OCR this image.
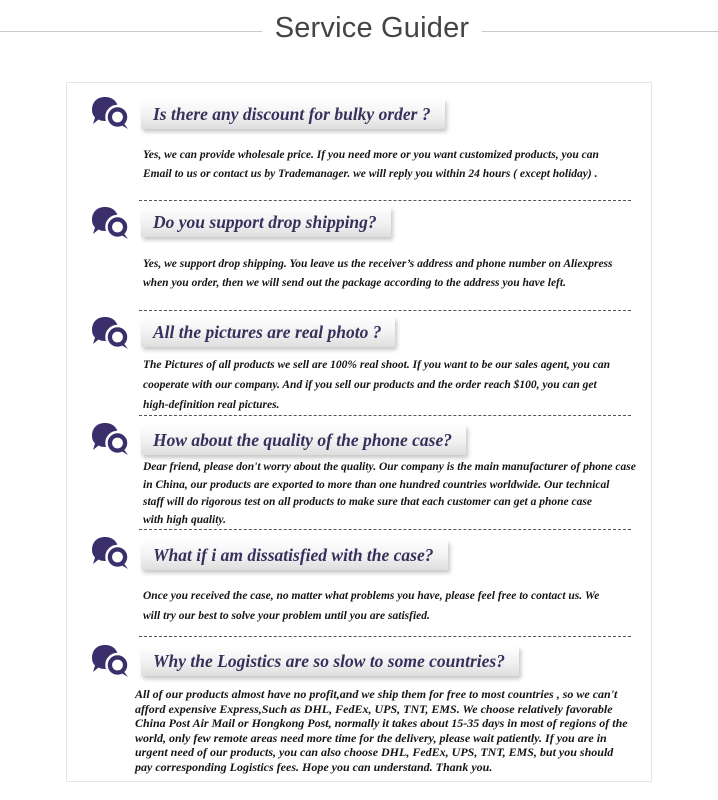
Service Guider
Is there any discount for bulky order ?
Yes, we can provide wholesale price. If you need more or you want customized products, you can
Email to us or contact us by Trademanager. we will reply you within 24 hours ( except holiday) .
Do you support drop shipping?
Yes, we support drop shipping. You leave us the receiver’s address and phone number on Aliexpress
when you order, then we will send out the package according to the address you have left.
All the pictures are real photo ?
The Pictures of all products we sell are 100% real shoot. If you want to be our sales agent, you can
cooperate with our company. And if you sell our products and the order reach $100, you can get
high-definition real pictures.
How about the quality of the phone case?
Dear friend, please don't worry about the quality. Our company is the main manufacturer of phone case
in China, our products are exported to more than one hundred countries worldwide. Our technical
staff will do rigorous test on all products to make sure that each customer can get a phone case
with high quality.
What if i am dissatisfied with the case?
Once you received the case, no matter what problems you have, please feel free to contact us. We
will try our best to solve your problem until you are satisfied.
Why the Logistics are so slow to some countries?
All of our products almost have no profit,and we ship them for free to most countries , so we can't
afford expensive Express,Such as DHL, FedEx, UPS, TNT, EMS. We choose relatively favorable
China Post Air Mail or Hongkong Post, normally it takes about 15-35 days in most of regions of the
world, only few remote areas need more time for the delivery, please wait patiently. If you are in
urgent need of our products, you can also choose DHL, FedEx, UPS, TNT, EMS, but you should
pay corresponding Logistics fees. Hope you can understand. Thank you.
